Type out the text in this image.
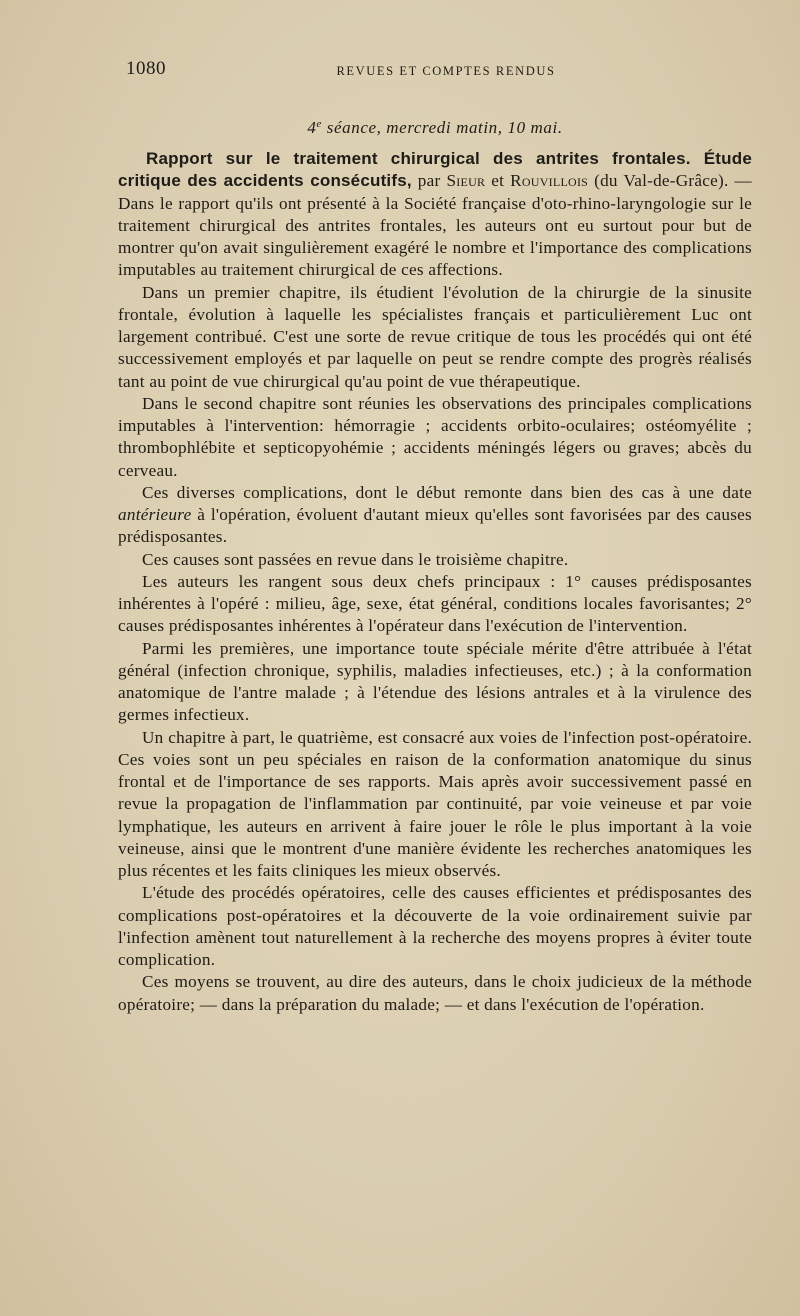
1080	REVUES ET COMPTES RENDUS
4e séance, mercredi matin, 10 mai.

Rapport sur le traitement chirurgical des antrites frontales. Étude critique des accidents consécutifs, par Sieur et Rouvillois (du Val-de-Grâce). — Dans le rapport qu'ils ont présenté à la Société française d'oto-rhino-laryngologie sur le traitement chirurgical des antrites frontales, les auteurs ont eu surtout pour but de montrer qu'on avait singulièrement exagéré le nombre et l'importance des complications imputables au traitement chirurgical de ces affections.

Dans un premier chapitre, ils étudient l'évolution de la chirurgie de la sinusite frontale, évolution à laquelle les spécialistes français et particulièrement Luc ont largement contribué. C'est une sorte de revue critique de tous les procédés qui ont été successivement employés et par laquelle on peut se rendre compte des progrès réalisés tant au point de vue chirurgical qu'au point de vue thérapeutique.

Dans le second chapitre sont réunies les observations des principales complications imputables à l'intervention: hémorragie ; accidents orbito-oculaires; ostéomyélite ; thrombophlébite et septicopyohémie ; accidents méningés légers ou graves; abcès du cerveau.

Ces diverses complications, dont le début remonte dans bien des cas à une date antérieure à l'opération, évoluent d'autant mieux qu'elles sont favorisées par des causes prédisposantes.

Ces causes sont passées en revue dans le troisième chapitre.

Les auteurs les rangent sous deux chefs principaux : 1° causes prédisposantes inhérentes à l'opéré : milieu, âge, sexe, état général, conditions locales favorisantes; 2° causes prédisposantes inhérentes à l'opérateur dans l'exécution de l'intervention.

Parmi les premières, une importance toute spéciale mérite d'être attribuée à l'état général (infection chronique, syphilis, maladies infectieuses, etc.) ; à la conformation anatomique de l'antre malade ; à l'étendue des lésions antrales et à la virulence des germes infectieux.

Un chapitre à part, le quatrième, est consacré aux voies de l'infection post-opératoire. Ces voies sont un peu spéciales en raison de la conformation anatomique du sinus frontal et de l'importance de ses rapports. Mais après avoir successivement passé en revue la propagation de l'inflammation par continuité, par voie veineuse et par voie lymphatique, les auteurs en arrivent à faire jouer le rôle le plus important à la voie veineuse, ainsi que le montrent d'une manière évidente les recherches anatomiques les plus récentes et les faits cliniques les mieux observés.

L'étude des procédés opératoires, celle des causes efficientes et prédisposantes des complications post-opératoires et la découverte de la voie ordinairement suivie par l'infection amènent tout naturellement à la recherche des moyens propres à éviter toute complication.

Ces moyens se trouvent, au dire des auteurs, dans le choix judicieux de la méthode opératoire; — dans la préparation du malade; — et dans l'exécution de l'opération.
